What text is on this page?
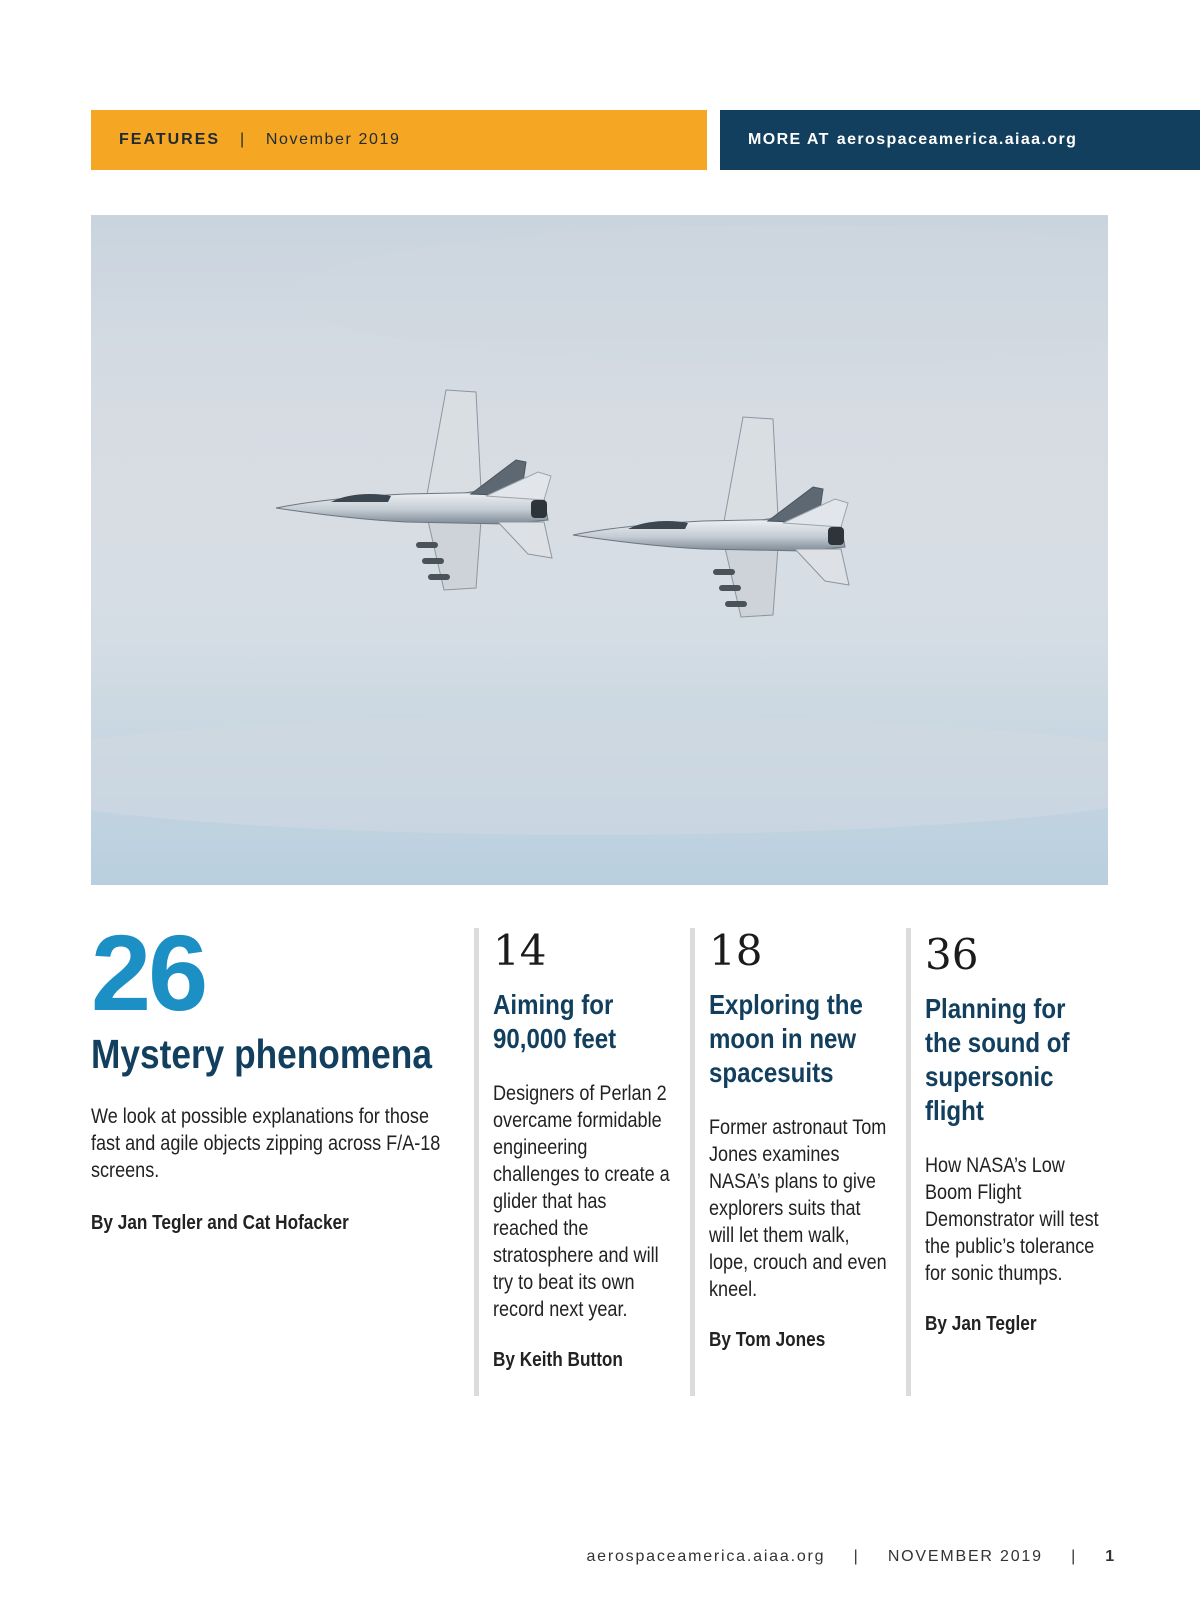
FEATURES | November 2019	MORE AT aerospaceamerica.aiaa.org
26
Mystery phenomena
We look at possible explanations for those fast and agile objects zipping across F/A-18 screens.
By Jan Tegler and Cat Hofacker
14
Aiming for 90,000 feet
Designers of Perlan 2 overcame formidable engineering challenges to create a glider that has reached the stratosphere and will try to beat its own record next year.
By Keith Button
18
Exploring the moon in new spacesuits
Former astronaut Tom Jones examines NASA’s plans to give explorers suits that will let them walk, lope, crouch and even kneel.
By Tom Jones
36
Planning for the sound of supersonic flight
How NASA’s Low Boom Flight Demonstrator will test the public’s tolerance for sonic thumps.
By Jan Tegler
aerospaceamerica.aiaa.org | NOVEMBER 2019 | 1
